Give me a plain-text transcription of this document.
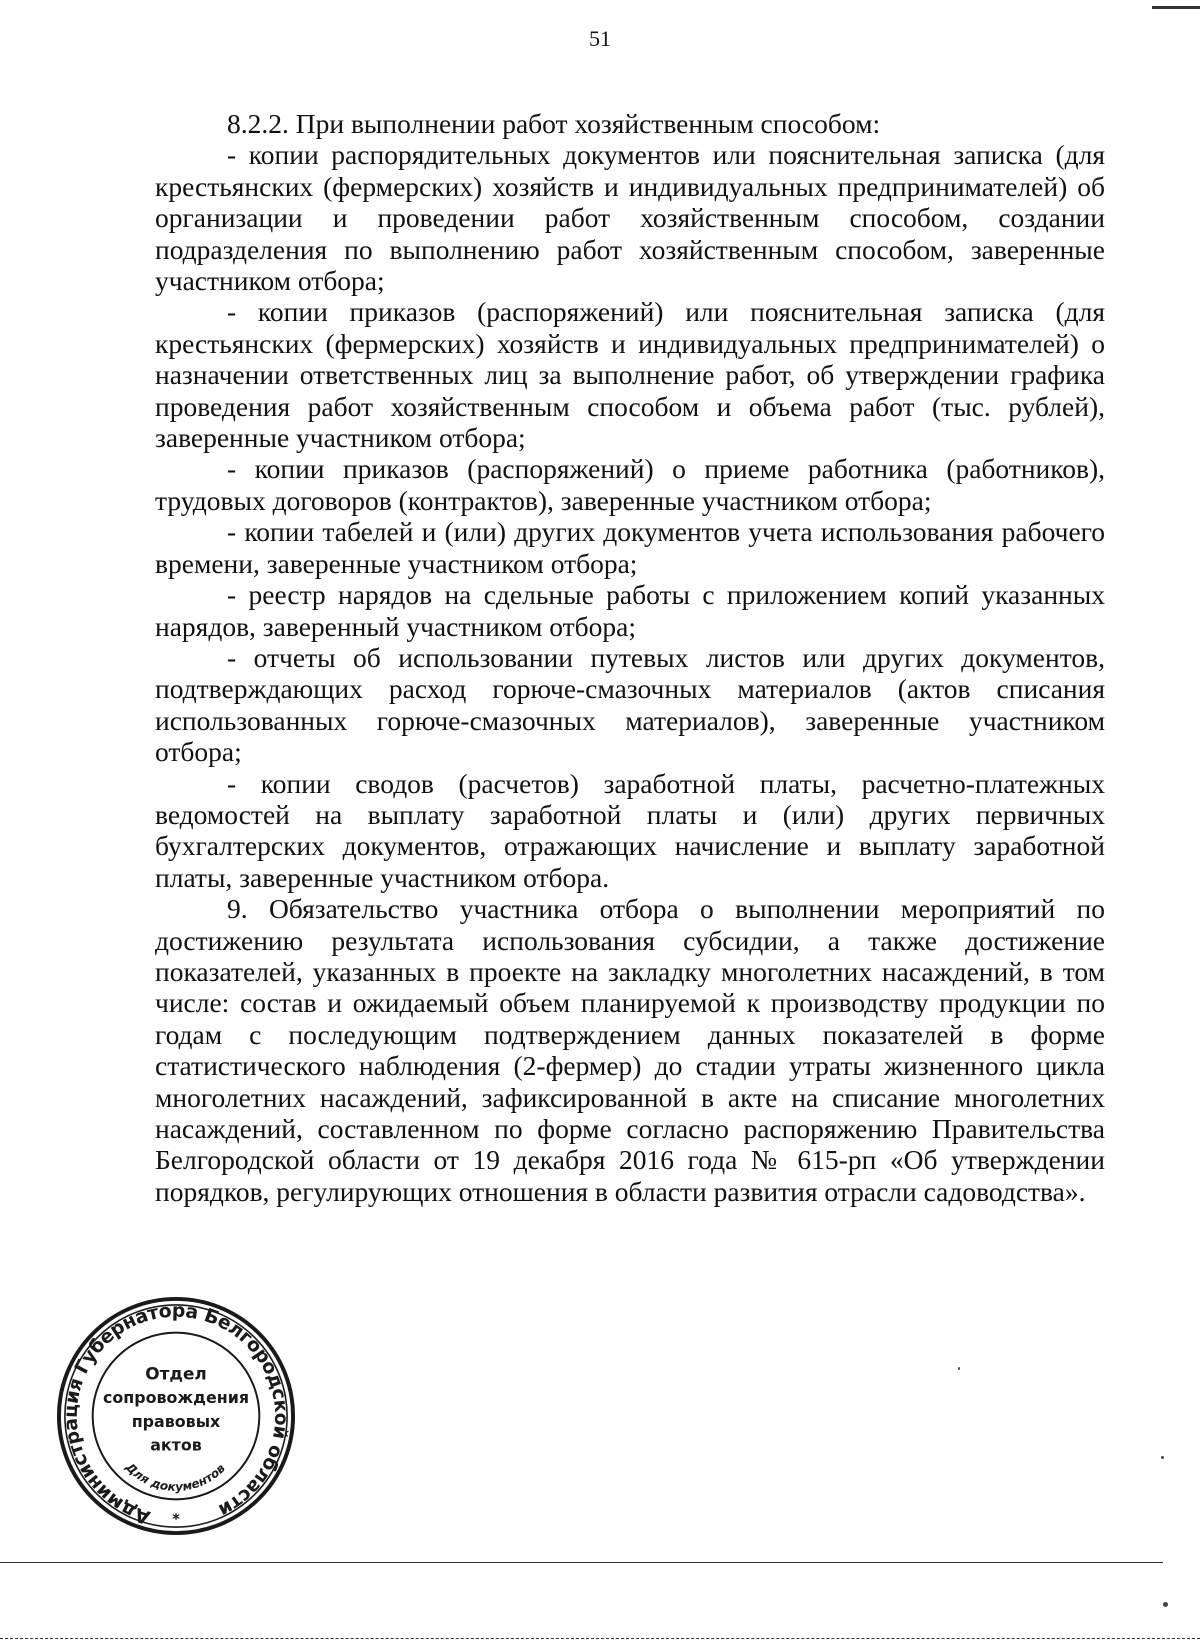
51

8.2.2. При выполнении работ хозяйственным способом:

- копии распорядительных документов или пояснительная записка (для крестьянских (фермерских) хозяйств и индивидуальных предпринимателей) об организации и проведении работ хозяйственным способом, создании подразделения по выполнению работ хозяйственным способом, заверенные участником отбора;

- копии приказов (распоряжений) или пояснительная записка (для крестьянских (фермерских) хозяйств и индивидуальных предпринимателей) о назначении ответственных лиц за выполнение работ, об утверждении графика проведения работ хозяйственным способом и объема работ (тыс. рублей), заверенные участником отбора;

- копии приказов (распоряжений) о приеме работника (работников), трудовых договоров (контрактов), заверенные участником отбора;

- копии табелей и (или) других документов учета использования рабочего времени, заверенные участником отбора;

- реестр нарядов на сдельные работы с приложением копий указанных нарядов, заверенный участником отбора;

- отчеты об использовании путевых листов или других документов, подтверждающих расход горюче-смазочных материалов (актов списания использованных горюче-смазочных материалов), заверенные участником отбора;

- копии сводов (расчетов) заработной платы, расчетно-платежных ведомостей на выплату заработной платы и (или) других первичных бухгалтерских документов, отражающих начисление и выплату заработной платы, заверенные участником отбора.

9. Обязательство участника отбора о выполнении мероприятий по достижению результата использования субсидии, а также достижение показателей, указанных в проекте на закладку многолетних насаждений, в том числе: состав и ожидаемый объем планируемой к производству продукции по годам с последующим подтверждением данных показателей в форме статистического наблюдения (2-фермер) до стадии утраты жизненного цикла многолетних насаждений, зафиксированной в акте на списание многолетних насаждений, составленном по форме согласно распоряжению Правительства Белгородской области от 19 декабря 2016 года № 615-рп «Об утверждении порядков, регулирующих отношения в области развития отрасли садоводства».

Администрация Губернатора Белгородской области
Отдел
сопровождения
правовых
актов
Для документов
*
